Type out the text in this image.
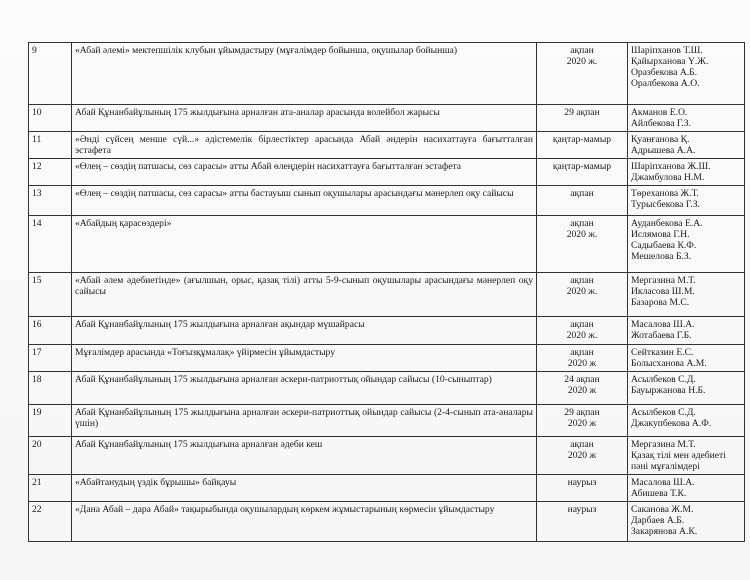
9	«Абай әлемі» мектепшілік клубын ұйымдастыру (мұғалімдер бойынша, оқушылар бойынша)	ақпан
2020 ж.	Шаріпханов Т.Ш.
Қайырханова Ү.Ж.
Оразбекова А.Б.
Оралбекова А.О.

10	Абай Құнанбайұлының 175 жылдығына арналған ата-аналар арасында волейбол жарысы	29 ақпан	Акманов Е.О.
Айлбекова Г.З.

11	«Әнді сүйсең менше сүй...» әдістемелік бірлестіктер арасында Абай әндерін насихаттауға бағытталған эстафета	қаңтар-мамыр	Қуанғанова Қ.
Адрышева А.А.

12	«Өлең – сөздің патшасы, сөз сарасы» атты Абай өлеңдерін насихаттауға бағытталған эстафета	қаңтар-мамыр	Шаріпханова Ж.Ш.
Джамбулова Н.М.

13	«Өлең – сөздің патшасы, сөз сарасы» атты бастауыш сынып оқушылары арасындағы мәнерлеп оқу сайысы	ақпан	Төреханова Ж.Т.
Турысбекова Г.З.

14	«Абайдың қарасөздері»	ақпан
2020 ж.	Ауданбекова Е.А.
Ислямова Г.Н.
Садыбаева К.Ф.
Мешелова Б.З.

15	«Абай әлем әдебиетінде» (ағылшын, орыс, қазақ тілі) атты 5-9-сынып оқушылары арасындағы мәнерлеп оқу сайысы	ақпан
2020 ж.	Мергазина М.Т.
Икласова Ш.М.
Базарова М.С.

16	Абай Құнанбайұлының 175 жылдығына арналған ақындар мүшайрасы	ақпан
2020 ж.	Масалова Ш.А.
Жотабаева Г.Б.

17	Мұғалімдер арасында «Тоғызқұмалақ» үйірмесін ұйымдастыру	ақпан
2020 ж	Сейтказин Е.С.
Болысханова А.М.

18	Абай Құнанбайұлының 175 жылдығына арналған әскери-патриоттық ойындар сайысы (10-сыныптар)	24 ақпан
2020 ж	Асылбеков С.Д.
Бауыржанова Н.Б.

19	Абай Құнанбайұлының 175 жылдығына арналған әскери-патриоттық ойындар сайысы (2-4-сынып ата-аналары үшін)	29 ақпан
2020 ж	Асылбеков С.Д.
Джакупбекова А.Ф.

20	Абай Құнанбайұлының 175 жылдығына арналған әдеби кеш	ақпан
2020 ж	Мергазина М.Т.
Қазақ тілі мен әдебиеті
пәні мұғалімдері

21	«Абайтанудың үздік бұрышы» байқауы	наурыз	Масалова Ш.А.
Абишева Т.К.

22	«Дана Абай – дара Абай» тақырыбында оқушылардың көркем жұмыстарының көрмесін ұйымдастыру	наурыз	Саканова Ж.М.
Дарбаев А.Б.
Закарянова А.К.
